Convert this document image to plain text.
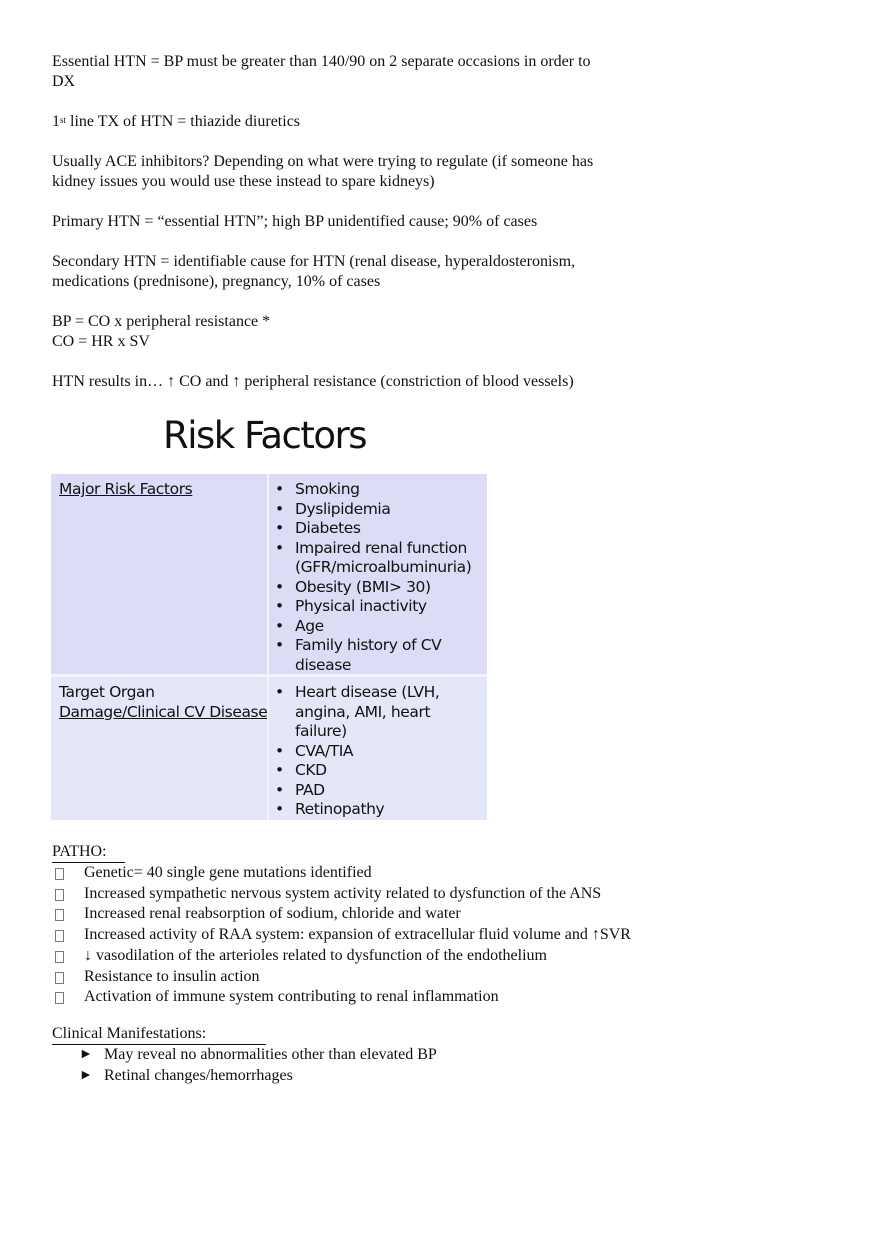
Essential HTN = BP must be greater than 140/90 on 2 separate occasions in order to
DX

1st line TX of HTN = thiazide diuretics

Usually ACE inhibitors? Depending on what were trying to regulate (if someone has
kidney issues you would use these instead to spare kidneys)

Primary HTN = “essential HTN”; high BP unidentified cause; 90% of cases

Secondary HTN = identifiable cause for HTN (renal disease, hyperaldosteronism,
medications (prednisone), pregnancy, 10% of cases

BP = CO x peripheral resistance *
CO = HR x SV

HTN results in… ↑ CO and ↑ peripheral resistance (constriction of blood vessels)

Risk Factors
Major Risk Factors
•	Smoking
• Dyslipidemia
• Diabetes
• Impaired renal function (GFR/microalbuminuria)
• Obesity (BMI> 30)
• Physical inactivity
• Age
• Family history of CV disease
Target Organ
Damage/Clinical CV Disease
• Heart disease (LVH, angina, AMI, heart failure)
• CVA/TIA
• CKD
• PAD
• Retinopathy
PATHO:
Genetic= 40 single gene mutations identified
Increased sympathetic nervous system activity related to dysfunction of the ANS
Increased renal reabsorption of sodium, chloride and water
Increased activity of RAA system: expansion of extracellular fluid volume and ↑SVR
↓ vasodilation of the arterioles related to dysfunction of the endothelium
Resistance to insulin action
Activation of immune system contributing to renal inflammation
Clinical Manifestations:
► May reveal no abnormalities other than elevated BP
► Retinal changes/hemorrhages
